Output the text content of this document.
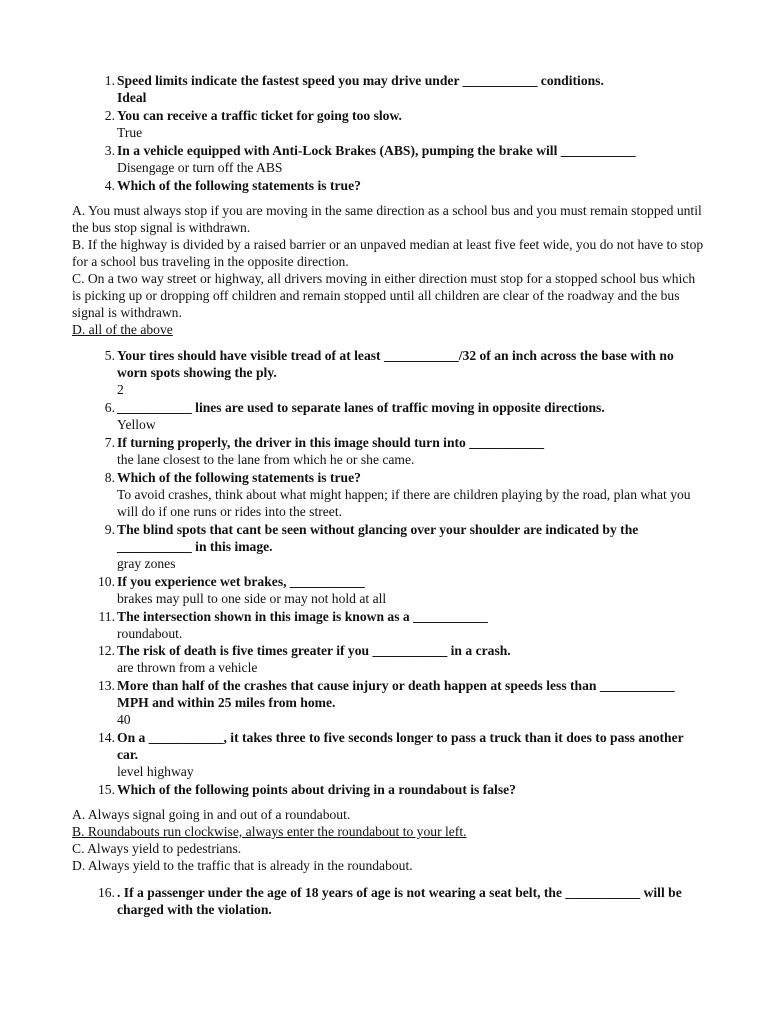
1. Speed limits indicate the fastest speed you may drive under ___________ conditions.
Ideal
2. You can receive a traffic ticket for going too slow.
True
3. In a vehicle equipped with Anti-Lock Brakes (ABS), pumping the brake will ___________
Disengage or turn off the ABS
4. Which of the following statements is true?
A. You must always stop if you are moving in the same direction as a school bus and you must remain stopped until the bus stop signal is withdrawn.
B. If the highway is divided by a raised barrier or an unpaved median at least five feet wide, you do not have to stop for a school bus traveling in the opposite direction.
C. On a two way street or highway, all drivers moving in either direction must stop for a stopped school bus which is picking up or dropping off children and remain stopped until all children are clear of the roadway and the bus signal is withdrawn.
D. all of the above
5. Your tires should have visible tread of at least ___________/32 of an inch across the base with no worn spots showing the ply.
2
6. ___________ lines are used to separate lanes of traffic moving in opposite directions.
Yellow
7. If turning properly, the driver in this image should turn into ___________
the lane closest to the lane from which he or she came.
8. Which of the following statements is true?
To avoid crashes, think about what might happen; if there are children playing by the road, plan what you will do if one runs or rides into the street.
9. The blind spots that cant be seen without glancing over your shoulder are indicated by the ___________ in this image.
gray zones
10. If you experience wet brakes, ___________
brakes may pull to one side or may not hold at all
11. The intersection shown in this image is known as a ___________
roundabout.
12. The risk of death is five times greater if you ___________ in a crash.
are thrown from a vehicle
13. More than half of the crashes that cause injury or death happen at speeds less than ___________ MPH and within 25 miles from home.
40
14. On a ___________, it takes three to five seconds longer to pass a truck than it does to pass another car.
level highway
15. Which of the following points about driving in a roundabout is false?
A. Always signal going in and out of a roundabout.
B. Roundabouts run clockwise, always enter the roundabout to your left.
C. Always yield to pedestrians.
D. Always yield to the traffic that is already in the roundabout.
16. . If a passenger under the age of 18 years of age is not wearing a seat belt, the ___________ will be charged with the violation.
